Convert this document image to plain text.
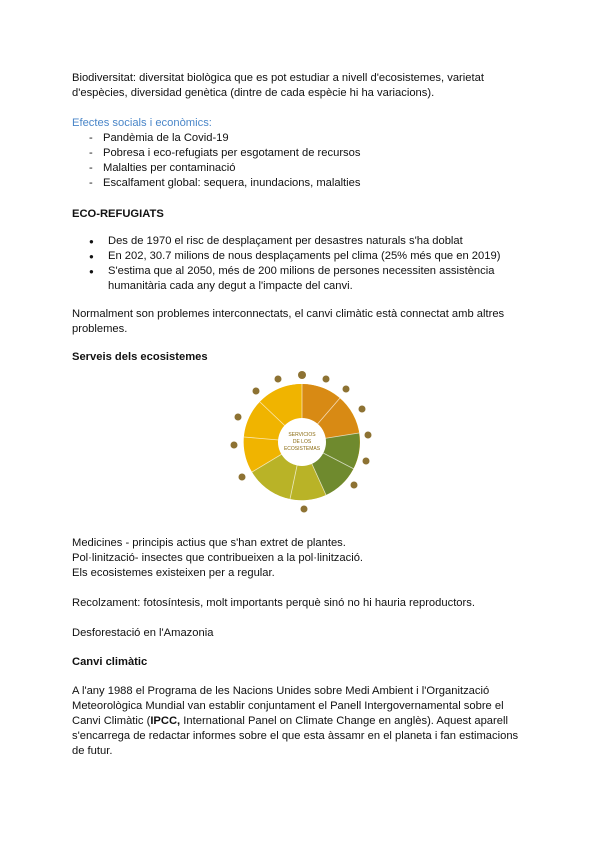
Biodiversitat: diversitat biològica que es pot estudiar a nivell d'ecosistemes, varietat d'espècies, diversidad genètica (dintre de cada espècie hi ha variacions).

Efectes socials i econòmics:

- Pandèmia de la Covid-19
- Pobresa i eco-refugiats per esgotament de recursos
- Malalties per contaminació
- Escalfament global: sequera, inundacions, malalties
ECO-REFUGIATS
● Des de 1970 el risc de desplaçament per desastres naturals s'ha doblat
● En 202, 30.7 milions de nous desplaçaments pel clima (25% més que en 2019)
● S'estima que al 2050, més de 200 milions de persones necessiten assistència humanitària cada any degut a l'impacte del canvi.

Normalment son problemes interconnectats, el canvi climàtic està connectat amb altres problemes.

Serveis dels ecosistemes
SERVICIOS
DE LOS
ECOSISTEMAS

Medicines - principis actius que s'han extret de plantes.

Pol·linització- insectes que contribueixen a la pol·linització.

Els ecosistemes existeixen per a regular.

Recolzament: fotosíntesis, molt importants perquè sinó no hi hauria reproductors.

Desforestació en l'Amazonia

Canvi climàtic

A l'any 1988 el Programa de les Nacions Unides sobre Medi Ambient i l'Organització Meteorològica Mundial van establir conjuntament el Panell Intergovernamental sobre el Canvi Climàtic (IPCC, International Panel on Climate Change en anglès). Aquest aparell s'encarrega de redactar informes sobre el que esta àssamr en el planeta i fan estimacions de futur.
